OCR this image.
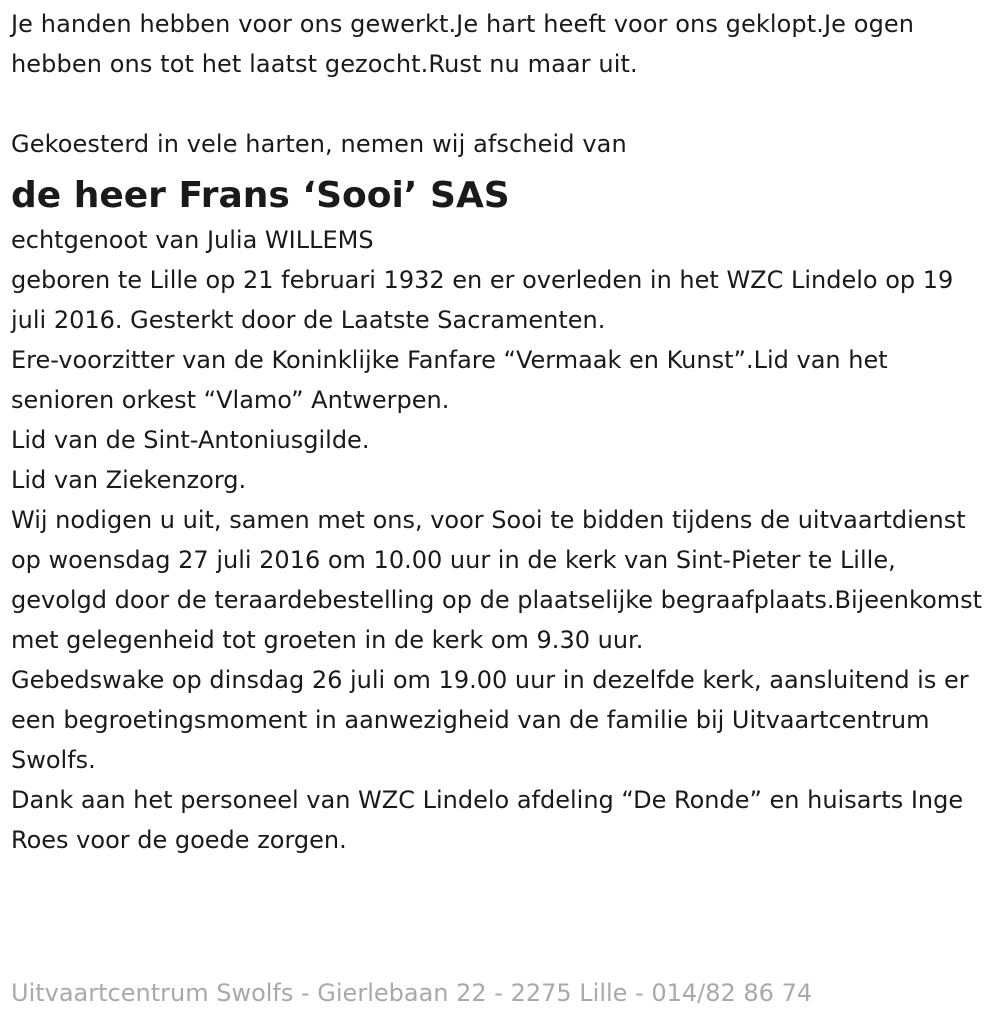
Je handen hebben voor ons gewerkt.Je hart heeft voor ons geklopt.Je ogen hebben ons tot het laatst gezocht.Rust nu maar uit.

Gekoesterd in vele harten, nemen wij afscheid van

de heer Frans ‘Sooi’ SAS

echtgenoot van Julia WILLEMS

geboren te Lille op 21 februari 1932 en er overleden in het WZC Lindelo op 19 juli 2016. Gesterkt door de Laatste Sacramenten.

Ere-voorzitter van de Koninklijke Fanfare “Vermaak en Kunst”.Lid van het senioren orkest “Vlamo” Antwerpen.

Lid van de Sint-Antoniusgilde.

Lid van Ziekenzorg.

Wij nodigen u uit, samen met ons, voor Sooi te bidden tijdens de uitvaartdienst op woensdag 27 juli 2016 om 10.00 uur in de kerk van Sint-Pieter te Lille, gevolgd door de teraardebestelling op de plaatselijke begraafplaats.Bijeenkomst met gelegenheid tot groeten in de kerk om 9.30 uur.

Gebedswake op dinsdag 26 juli om 19.00 uur in dezelfde kerk, aansluitend is er een begroetingsmoment in aanwezigheid van de familie bij Uitvaartcentrum Swolfs.

Dank aan het personeel van WZC Lindelo afdeling “De Ronde” en huisarts Inge Roes voor de goede zorgen.

Uitvaartcentrum Swolfs - Gierlebaan 22 - 2275 Lille - 014/82 86 74
